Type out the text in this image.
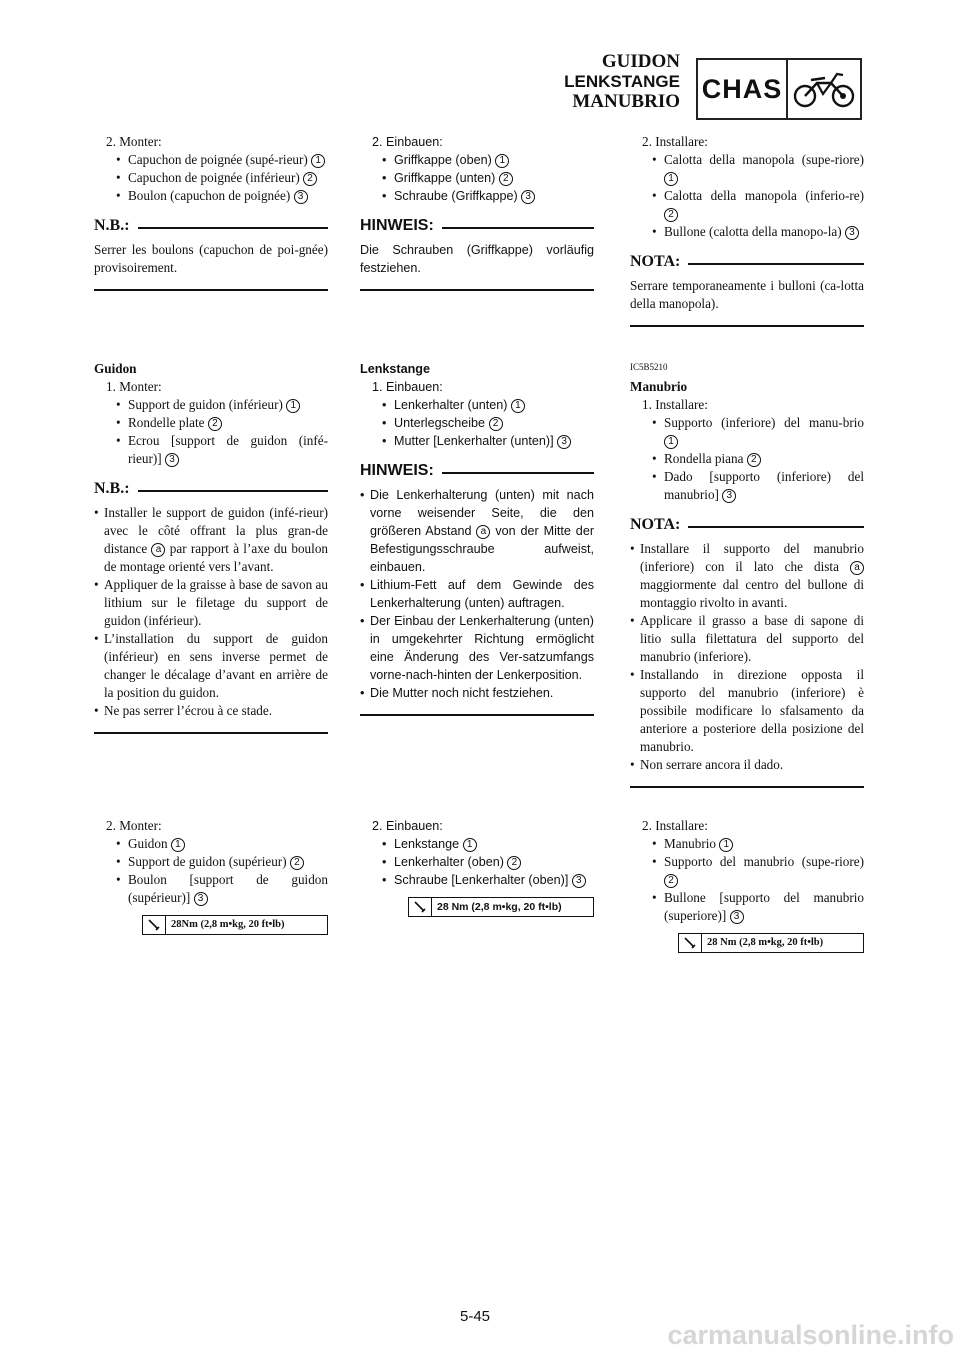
GUIDON
LENKSTANGE
MANUBRIO CHAS
2. Monter:
• Capuchon de poignée (supé-rieur) 1
• Capuchon de poignée (inférieur) 2
• Boulon (capuchon de poignée) 3
N.B.:
Serrer les boulons (capuchon de poi-gnée) provisoirement.
Guidon
1. Monter:
• Support de guidon (inférieur) 1
• Rondelle plate 2
• Ecrou [support de guidon (infé-rieur)] 3
N.B.:
• Installer le support de guidon (infé-rieur) avec le côté offrant la plus gran-de distance a par rapport à l’axe du boulon de montage orienté vers l’avant.
• Appliquer de la graisse à base de savon au lithium sur le filetage du support de guidon (inférieur).
• L’installation du support de guidon (inférieur) en sens inverse permet de changer le décalage d’avant en arrière de la position du guidon.
• Ne pas serrer l’écrou à ce stade.
2. Monter:
• Guidon 1
• Support de guidon (supérieur) 2
• Boulon [support de guidon (supérieur)] 3
28Nm (2,8 m•kg, 20 ft•lb)
2. Einbauen:
• Griffkappe (oben) 1
• Griffkappe (unten) 2
• Schraube (Griffkappe) 3
HINWEIS:
Die Schrauben (Griffkappe) vorläufig festziehen.
Lenkstange
1. Einbauen:
• Lenkerhalter (unten) 1
• Unterlegscheibe 2
• Mutter [Lenkerhalter (unten)] 3
HINWEIS:
• Die Lenkerhalterung (unten) mit nach vorne weisender Seite, die den größeren Abstand a von der Mitte der Befestigungsschraube aufweist, einbauen.
• Lithium-Fett auf dem Gewinde des Lenkerhalterung (unten) auftragen.
• Der Einbau der Lenkerhalterung (unten) in umgekehrter Richtung ermöglicht eine Änderung des Ver-satzumfangs vorne-nach-hinten der Lenkerposition.
• Die Mutter noch nicht festziehen.
2. Einbauen:
• Lenkstange 1
• Lenkerhalter (oben) 2
• Schraube [Lenkerhalter (oben)] 3
28 Nm (2,8 m•kg, 20 ft•lb)
2. Installare:
• Calotta della manopola (supe-riore) 1
• Calotta della manopola (inferio-re) 2
• Bullone (calotta della manopo-la) 3
NOTA:
Serrare temporaneamente i bulloni (ca-lotta della manopola).
IC5B5210
Manubrio
1. Installare:
• Supporto (inferiore) del manu-brio 1
• Rondella piana 2
• Dado [supporto (inferiore) del manubrio] 3
NOTA:
• Installare il supporto del manubrio (inferiore) con il lato che dista a maggiormente dal centro del bullone di montaggio rivolto in avanti.
• Applicare il grasso a base di sapone di litio sulla filettatura del supporto del manubrio (inferiore).
• Installando in direzione opposta il supporto del manubrio (inferiore) è possibile modificare lo sfalsamento da anteriore a posteriore della posizione del manubrio.
• Non serrare ancora il dado.
2. Installare:
• Manubrio 1
• Supporto del manubrio (supe-riore) 2
• Bullone [supporto del manubrio (superiore)] 3
28 Nm (2,8 m•kg, 20 ft•lb)
5-45
carmanualsonline.info
